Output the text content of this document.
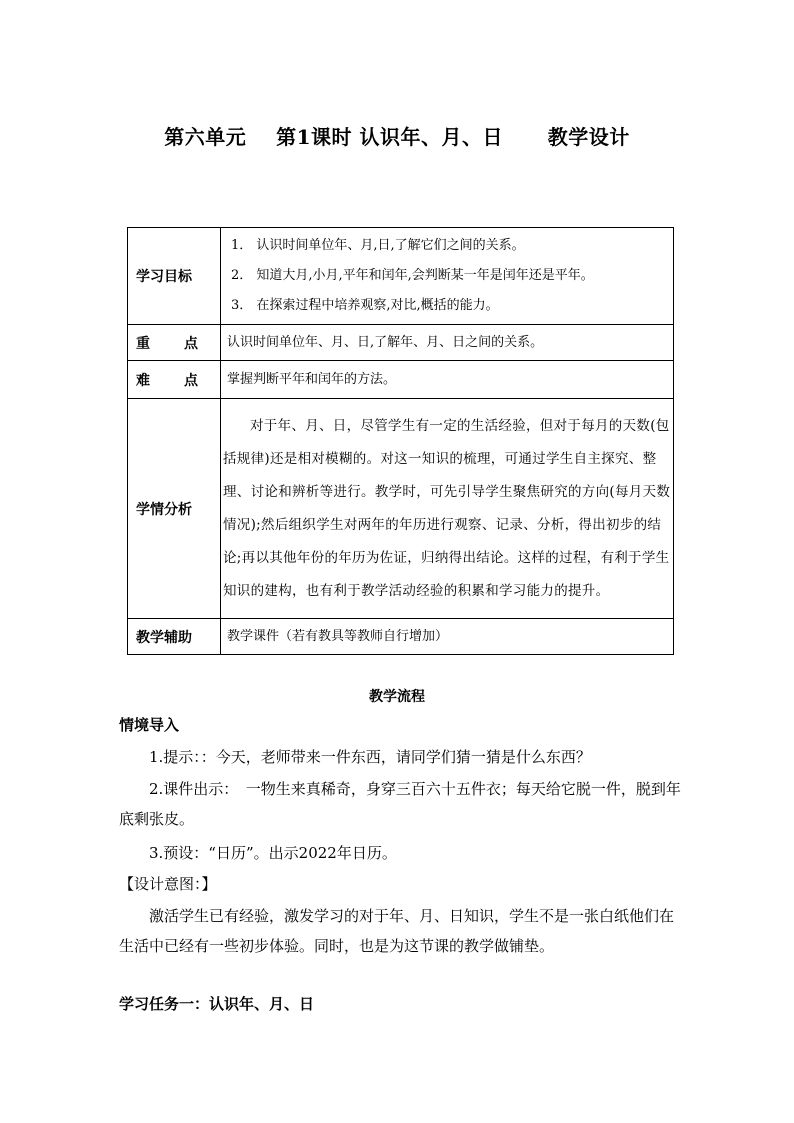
第六单元 第1课时 认识年、月、日 教学设计
学习目标	1． 认识时间单位年、月,日,了解它们之间的关系。
2． 知道大月,小月,平年和闰年,会判断某一年是闰年还是平年。
3． 在探索过程中培养观察,对比,概括的能力。

重 点	认识时间单位年、月、日,了解年、月、日之间的关系。

难 点	掌握判断平年和闰年的方法。
学情分析	对于年、月、日，尽管学生有一定的生活经验，但对于每月的天数(包括规律)还是相对模糊的。对这一知识的梳理，可通过学生自主探究、整理、讨论和辨析等进行。教学时，可先引导学生聚焦研究的方向(每月天数情况);然后组织学生对两年的年历进行观察、记录、分析，得出初步的结论;再以其他年份的年历为佐证，归纳得出结论。这样的过程，有利于学生知识的建构，也有利于教学活动经验的积累和学习能力的提升。

教学辅助	教学课件（若有教具等教师自行增加）
教学流程
情境导入
1.提示：：今天，老师带来一件东西，请同学们猜一猜是什么东西？
2.课件出示：　一物生来真稀奇，身穿三百六十五件衣；每天给它脱一件，脱到年底剩张皮。
3.预设：“日历”。出示2022年日历。
【设计意图：】
激活学生已有经验，激发学习的对于年、月、日知识，学生不是一张白纸他们在生活中已经有一些初步体验。同时，也是为这节课的教学做铺垫。
学习任务一：认识年、月、日
